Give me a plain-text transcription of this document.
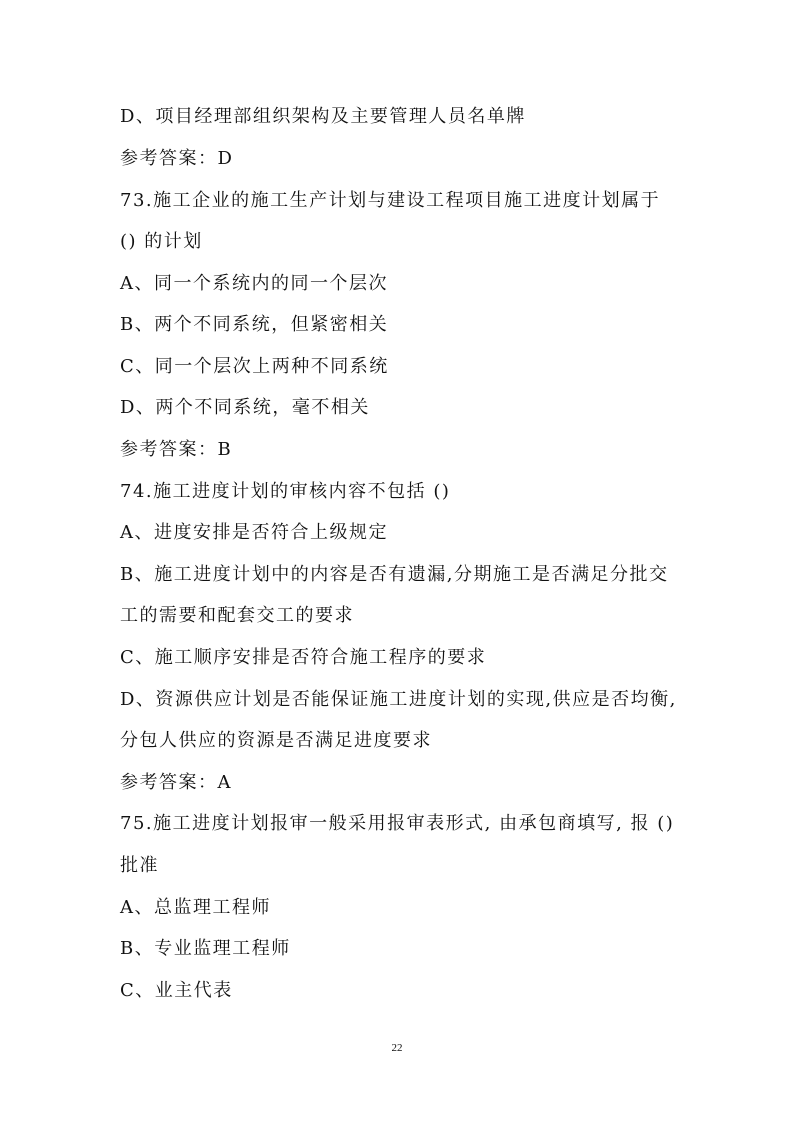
D、项目经理部组织架构及主要管理人员名单牌
参考答案：D
73.施工企业的施工生产计划与建设工程项目施工进度计划属于
() 的计划
A、同一个系统内的同一个层次
B、两个不同系统，但紧密相关
C、同一个层次上两种不同系统
D、两个不同系统，毫不相关
参考答案：B
74.施工进度计划的审核内容不包括 ()
A、进度安排是否符合上级规定
B、施工进度计划中的内容是否有遗漏,分期施工是否满足分批交
工的需要和配套交工的要求
C、施工顺序安排是否符合施工程序的要求
D、资源供应计划是否能保证施工进度计划的实现,供应是否均衡,
分包人供应的资源是否满足进度要求
参考答案：A
75.施工进度计划报审一般采用报审表形式, 由承包商填写, 报 ()
批准
A、总监理工程师
B、专业监理工程师
C、业主代表
22
